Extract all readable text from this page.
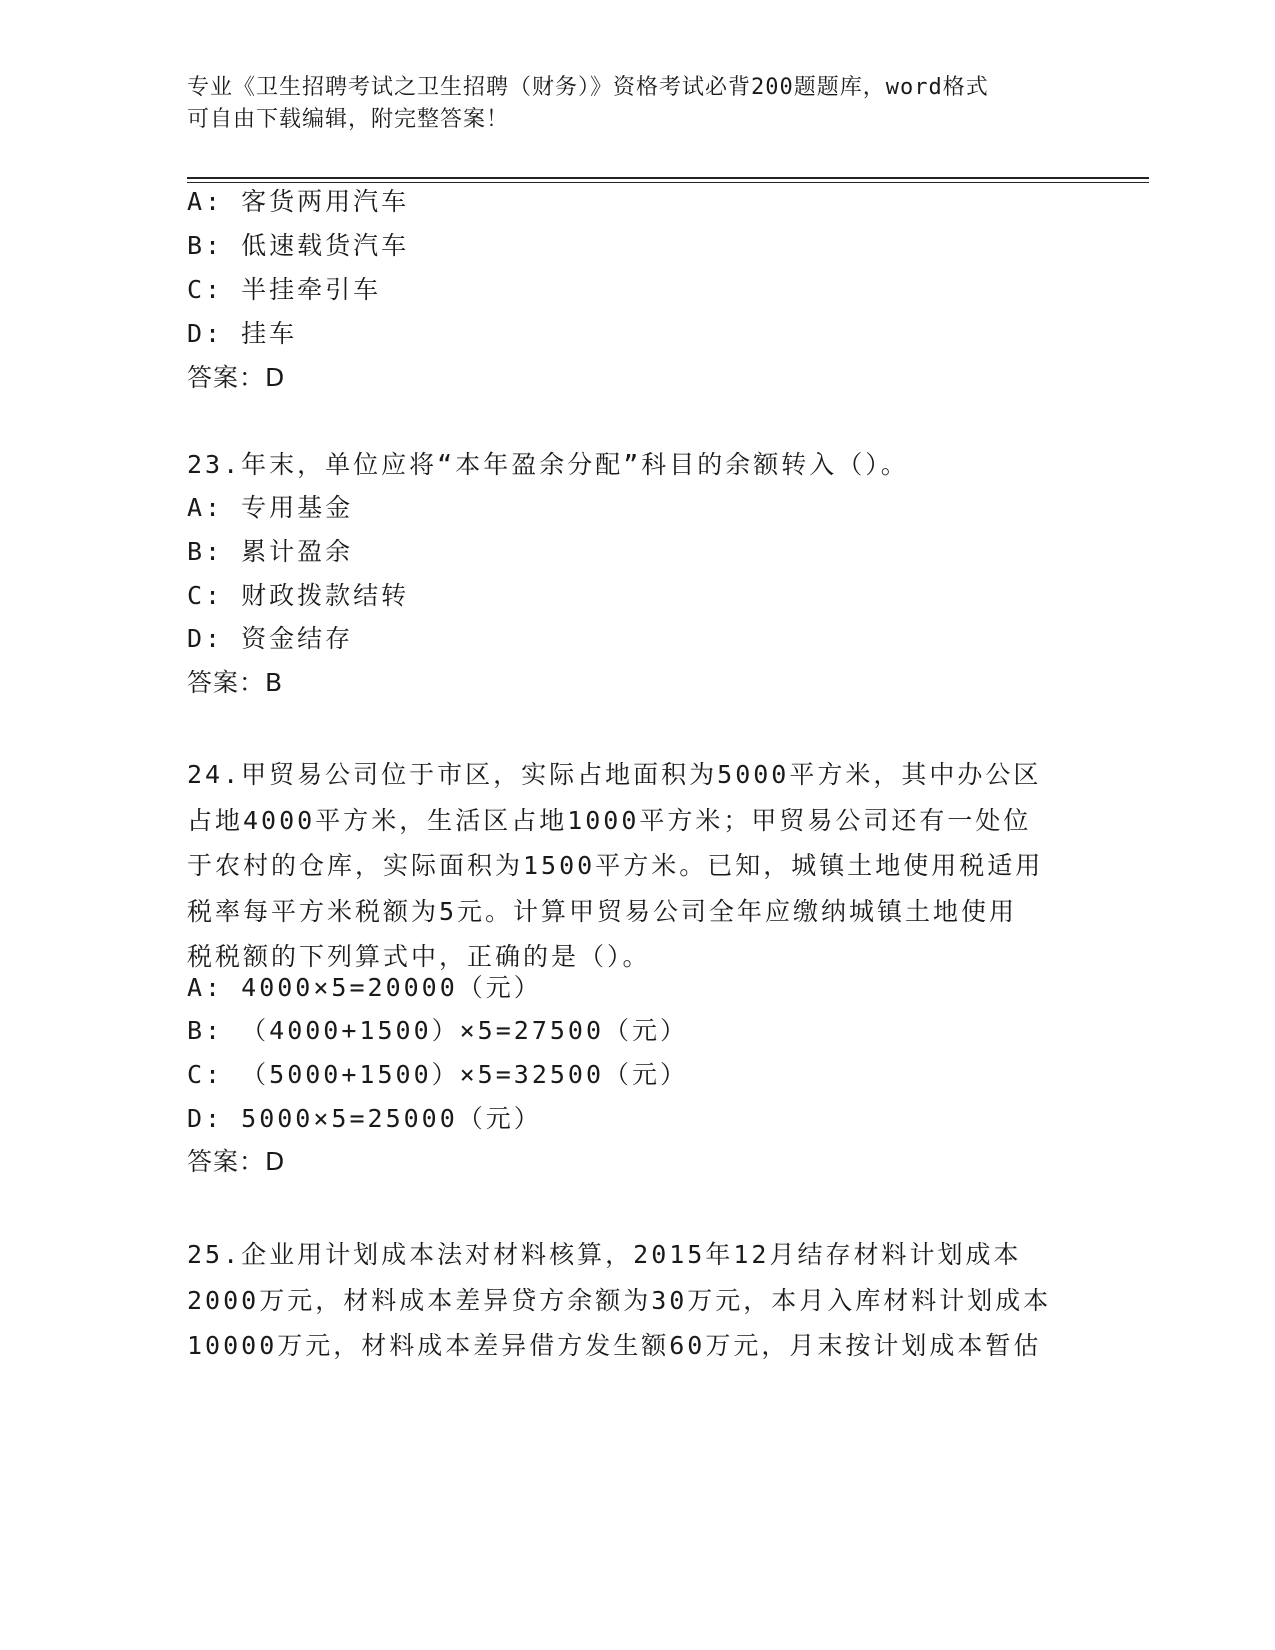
专业《卫生招聘考试之卫生招聘（财务）》资格考试必背200题题库，word格式
可自由下载编辑，附完整答案！
A: 客货两用汽车
B: 低速载货汽车
C: 半挂牵引车
D: 挂车
答案：D
23.年末，单位应将“本年盈余分配”科目的余额转入（）。
A: 专用基金
B: 累计盈余
C: 财政拨款结转
D: 资金结存
答案：B
24.甲贸易公司位于市区，实际占地面积为5000平方米，其中办公区
占地4000平方米，生活区占地1000平方米；甲贸易公司还有一处位
于农村的仓库，实际面积为1500平方米。已知，城镇土地使用税适用
税率每平方米税额为5元。计算甲贸易公司全年应缴纳城镇土地使用
税税额的下列算式中，正确的是（）。
A: 4000×5=20000（元）
B: （4000+1500）×5=27500（元）
C: （5000+1500）×5=32500（元）
D: 5000×5=25000（元）
答案：D
25.企业用计划成本法对材料核算，2015年12月结存材料计划成本
2000万元，材料成本差异贷方余额为30万元，本月入库材料计划成本
10000万元，材料成本差异借方发生额60万元，月末按计划成本暂估
